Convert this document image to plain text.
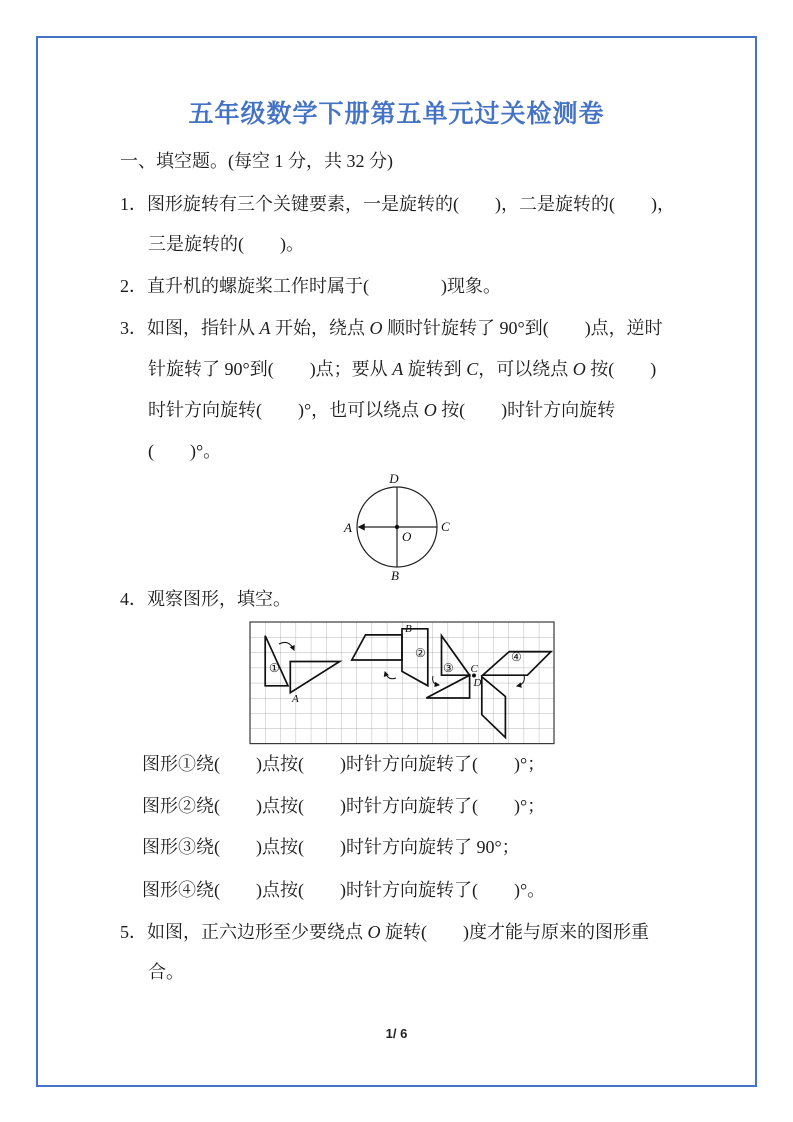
五年级数学下册第五单元过关检测卷
一、填空题。(每空 1 分，共 32 分)
1．图形旋转有三个关键要素，一是旋转的(　　)，二是旋转的(　　)，
三是旋转的(　　)。
2．直升机的螺旋桨工作时属于(　　　　)现象。
3．如图，指针从 A 开始，绕点 O 顺时针旋转了 90°到(　　)点，逆时
针旋转了 90°到(　　)点；要从 A 旋转到 C，可以绕点 O 按(　　)
时针方向旋转(　　)°，也可以绕点 O 按(　　)时针方向旋转
(　　)°。
D
B
A	C
O
4．观察图形，填空。
①
A
②
B
③ C
D
④
图形①绕(　　)点按(　　)时针方向旋转了(　　)°；
图形②绕(　　)点按(　　)时针方向旋转了(　　)°；
图形③绕(　　)点按(　　)时针方向旋转了 90°；
图形④绕(　　)点按(　　)时针方向旋转了(　　)°。
5．如图，正六边形至少要绕点 O 旋转(　　)度才能与原来的图形重
合。
1/ 6
